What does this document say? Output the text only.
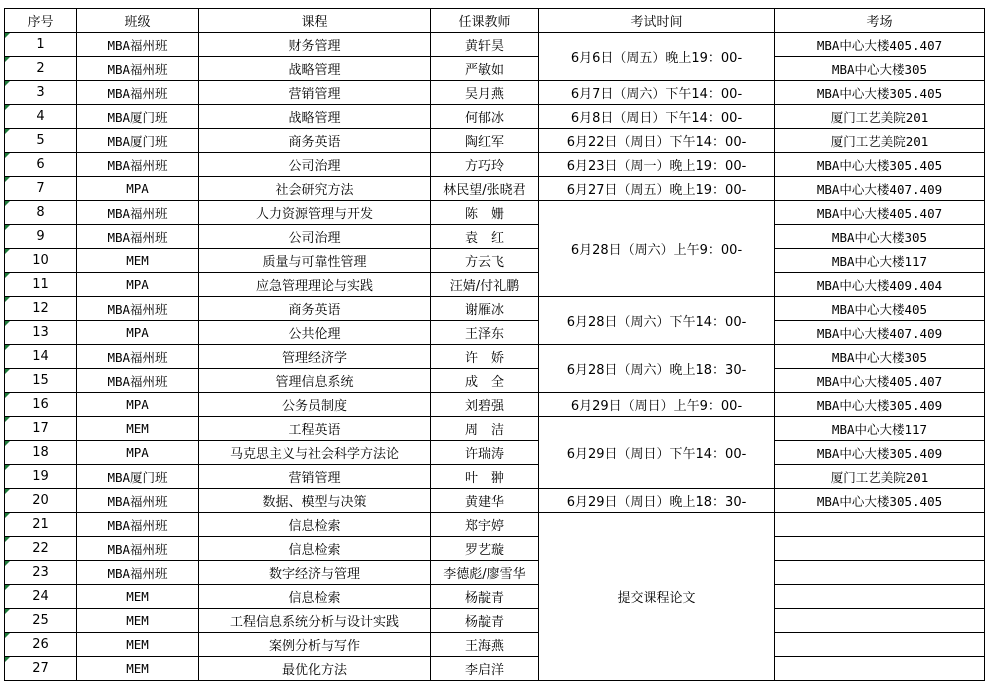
序号	班级	课程	任课教师	考试时间	考场
1	MBA福州班	财务管理	黄轩昊	6月6日（周五）晚上19：00-	MBA中心大楼405.407
2	MBA福州班	战略管理	严敏如		MBA中心大楼305
3	MBA福州班	营销管理	吴月燕	6月7日（周六）下午14：00-	MBA中心大楼305.405
4	MBA厦门班	战略管理	何郁冰	6月8日（周日）下午14：00-	厦门工艺美院201
5	MBA厦门班	商务英语	陶红军	6月22日（周日）下午14：00-	厦门工艺美院201
6	MBA福州班	公司治理	方巧玲	6月23日（周一）晚上19：00-	MBA中心大楼305.405
7	MPA	社会研究方法	林民望/张晓君	6月27日（周五）晚上19：00-	MBA中心大楼407.409
8	MBA福州班	人力资源管理与开发	陈　姗	6月28日（周六）上午9：00-	MBA中心大楼405.407
9	MBA福州班	公司治理	袁　红		MBA中心大楼305
10	MEM	质量与可靠性管理	方云飞		MBA中心大楼117
11	MPA	应急管理理论与实践	汪婧/付礼鹏		MBA中心大楼409.404
12	MBA福州班	商务英语	谢雁冰	6月28日（周六）下午14：00-	MBA中心大楼405
13	MPA	公共伦理	王泽东		MBA中心大楼407.409
14	MBA福州班	管理经济学	许　娇	6月28日（周六）晚上18：30-	MBA中心大楼305
15	MBA福州班	管理信息系统	成　全		MBA中心大楼405.407
16	MPA	公务员制度	刘碧强	6月29日（周日）上午9：00-	MBA中心大楼305.409
17	MEM	工程英语	周　洁	6月29日（周日）下午14：00-	MBA中心大楼117
18	MPA	马克思主义与社会科学方法论	许瑞涛		MBA中心大楼305.409
19	MBA厦门班	营销管理	叶　翀		厦门工艺美院201
20	MBA福州班	数据、模型与决策	黄建华	6月29日（周日）晚上18：30-	MBA中心大楼305.405
21	MBA福州班	信息检索	郑宇婷	提交课程论文	
22	MBA福州班	信息检索	罗艺璇		
23	MBA福州班	数字经济与管理	李德彪/廖雪华		
24	MEM	信息检索	杨靛青		
25	MEM	工程信息系统分析与设计实践	杨靛青		
26	MEM	案例分析与写作	王海燕		
27	MEM	最优化方法	李启洋		
